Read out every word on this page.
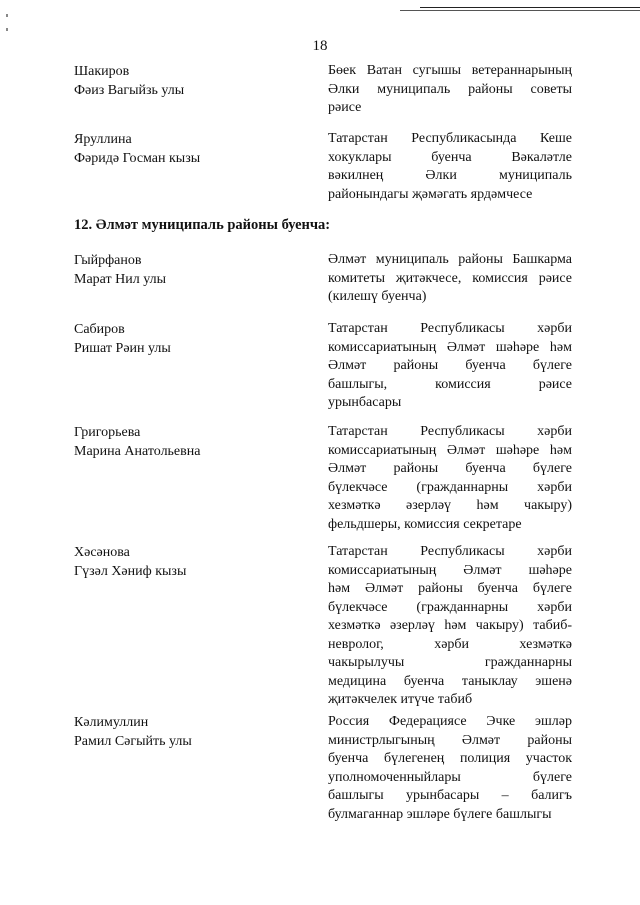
18
Шакиров
Фәиз Вагыйзь улы
Бөек Ватан сугышы ветераннарының
Әлки муниципаль районы советы
рәисе
Яруллина
Фәридә Госман кызы
Татарстан Республикасында Кеше
хокуклары буенча Вәкаләтле
вәкилнең Әлки муниципаль
районындагы җәмәгать ярдәмчесе
12. Әлмәт муниципаль районы буенча:
Гыйрфанов
Марат Нил улы
Әлмәт муниципаль районы Башкарма
комитеты җитәкчесе, комиссия рәисе
(килешү буенча)
Сабиров
Ришат Рәин улы
Татарстан Республикасы хәрби
комиссариатының Әлмәт шәһәре һәм
Әлмәт районы буенча бүлеге
башлыгы, комиссия рәисе
урынбасары
Григорьева
Марина Анатольевна
Татарстан Республикасы хәрби
комиссариатының Әлмәт шәһәре һәм
Әлмәт районы буенча бүлеге
бүлекчәсе (гражданнарны хәрби
хезмәткә әзерләү һәм чакыру)
фельдшеры, комиссия секретаре
Хәсәнова
Гүзәл Хәниф кызы
Татарстан Республикасы хәрби
комиссариатының Әлмәт шәһәре
һәм Әлмәт районы буенча бүлеге
бүлекчәсе (гражданнарны хәрби
хезмәткә әзерләү һәм чакыру) табиб-
невролог, хәрби хезмәткә
чакырылучы гражданнарны
медицина буенча таныклау эшенә
җитәкчелек итүче табиб
Кәлимуллин
Рамил Сәгыйть улы
Россия Федерациясе Эчке эшләр
министрлыгының Әлмәт районы
буенча бүлегенең полиция участок
уполномоченныйлары бүлеге
башлыгы урынбасары – балигъ
булмаганнар эшләре бүлеге башлыгы
